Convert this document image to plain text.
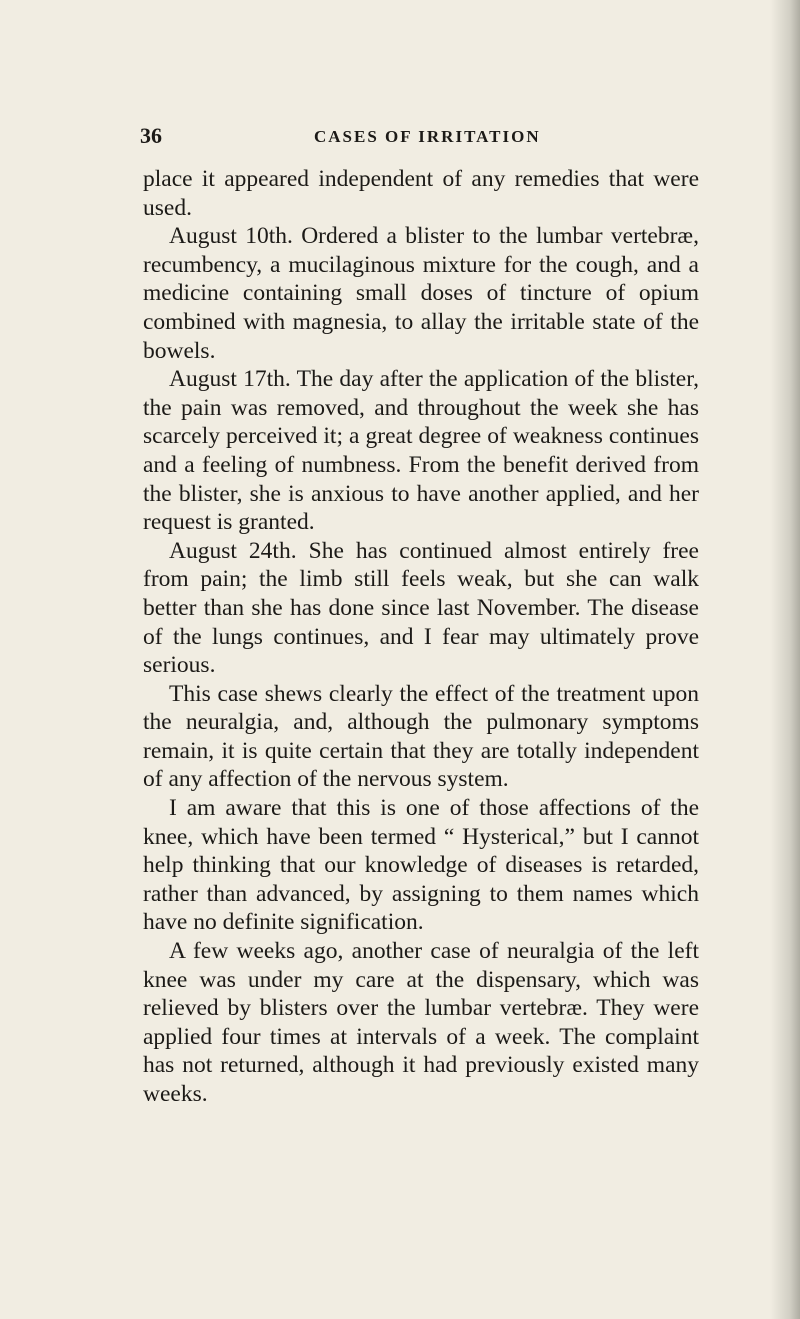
36	CASES OF IRRITATION

place it appeared independent of any remedies that were used.

August 10th. Ordered a blister to the lumbar vertebræ, recumbency, a mucilaginous mixture for the cough, and a medicine containing small doses of tincture of opium combined with magnesia, to allay the irritable state of the bowels.

August 17th. The day after the application of the blister, the pain was removed, and throughout the week she has scarcely perceived it; a great degree of weakness continues and a feeling of numbness. From the benefit derived from the blister, she is anxious to have another applied, and her request is granted.

August 24th. She has continued almost entirely free from pain; the limb still feels weak, but she can walk better than she has done since last November. The disease of the lungs continues, and I fear may ultimately prove serious.

This case shews clearly the effect of the treatment upon the neuralgia, and, although the pulmonary symptoms remain, it is quite certain that they are totally independent of any affection of the nervous system.

I am aware that this is one of those affections of the knee, which have been termed “ Hysterical,” but I cannot help thinking that our knowledge of diseases is retarded, rather than advanced, by assigning to them names which have no definite signification.

A few weeks ago, another case of neuralgia of the left knee was under my care at the dispensary, which was relieved by blisters over the lumbar vertebræ. They were applied four times at intervals of a week. The complaint has not returned, although it had previously existed many weeks.
